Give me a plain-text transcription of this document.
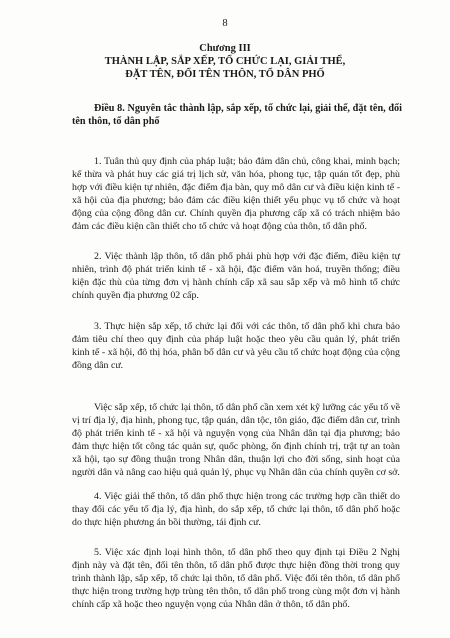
8
Chương III
THÀNH LẬP, SẮP XẾP, TỔ CHỨC LẠI, GIẢI THỂ,
ĐẶT TÊN, ĐỔI TÊN THÔN, TỔ DÂN PHỐ
Điều 8. Nguyên tắc thành lập, sắp xếp, tổ chức lại, giải thể, đặt tên, đổi tên thôn, tổ dân phố
1. Tuân thủ quy định của pháp luật; bảo đảm dân chủ, công khai, minh bạch; kế thừa và phát huy các giá trị lịch sử, văn hóa, phong tục, tập quán tốt đẹp, phù hợp với điều kiện tự nhiên, đặc điểm địa bàn, quy mô dân cư và điều kiện kinh tế - xã hội của địa phương; bảo đảm các điều kiện thiết yếu phục vụ tổ chức và hoạt động của cộng đồng dân cư. Chính quyền địa phương cấp xã có trách nhiệm bảo đảm các điều kiện cần thiết cho tổ chức và hoạt động của thôn, tổ dân phố.
2. Việc thành lập thôn, tổ dân phố phải phù hợp với đặc điểm, điều kiện tự nhiên, trình độ phát triển kinh tế - xã hội, đặc điểm văn hoá, truyền thống; điều kiện đặc thù của từng đơn vị hành chính cấp xã sau sắp xếp và mô hình tổ chức chính quyền địa phương 02 cấp.
3. Thực hiện sắp xếp, tổ chức lại đối với các thôn, tổ dân phố khi chưa bảo đảm tiêu chí theo quy định của pháp luật hoặc theo yêu cầu quản lý, phát triển kinh tế - xã hội, đô thị hóa, phân bố dân cư và yêu cầu tổ chức hoạt động của cộng đồng dân cư.
Việc sắp xếp, tổ chức lại thôn, tổ dân phố cần xem xét kỹ lưỡng các yếu tố về vị trí địa lý, địa hình, phong tục, tập quán, dân tộc, tôn giáo, đặc điểm dân cư, trình độ phát triển kinh tế - xã hội và nguyện vọng của Nhân dân tại địa phương; bảo đảm thực hiện tốt công tác quản sự, quốc phòng, ổn định chính trị, trật tự an toàn xã hội, tạo sự đồng thuận trong Nhân dân, thuận lợi cho đời sống, sinh hoạt của người dân và nâng cao hiệu quả quản lý, phục vụ Nhân dân của chính quyền cơ sở.
4. Việc giải thể thôn, tổ dân phố thực hiện trong các trường hợp cần thiết do thay đổi các yếu tố địa lý, địa hình, do sắp xếp, tổ chức lại thôn, tổ dân phố hoặc do thực hiện phương án bồi thường, tái định cư.
5. Việc xác định loại hình thôn, tổ dân phố theo quy định tại Điều 2 Nghị định này và đặt tên, đổi tên thôn, tổ dân phố được thực hiện đồng thời trong quy trình thành lập, sắp xếp, tổ chức lại thôn, tổ dân phố. Việc đổi tên thôn, tổ dân phố thực hiện trong trường hợp trùng tên thôn, tổ dân phố trong cùng một đơn vị hành chính cấp xã hoặc theo nguyện vọng của Nhân dân ở thôn, tổ dân phố.
